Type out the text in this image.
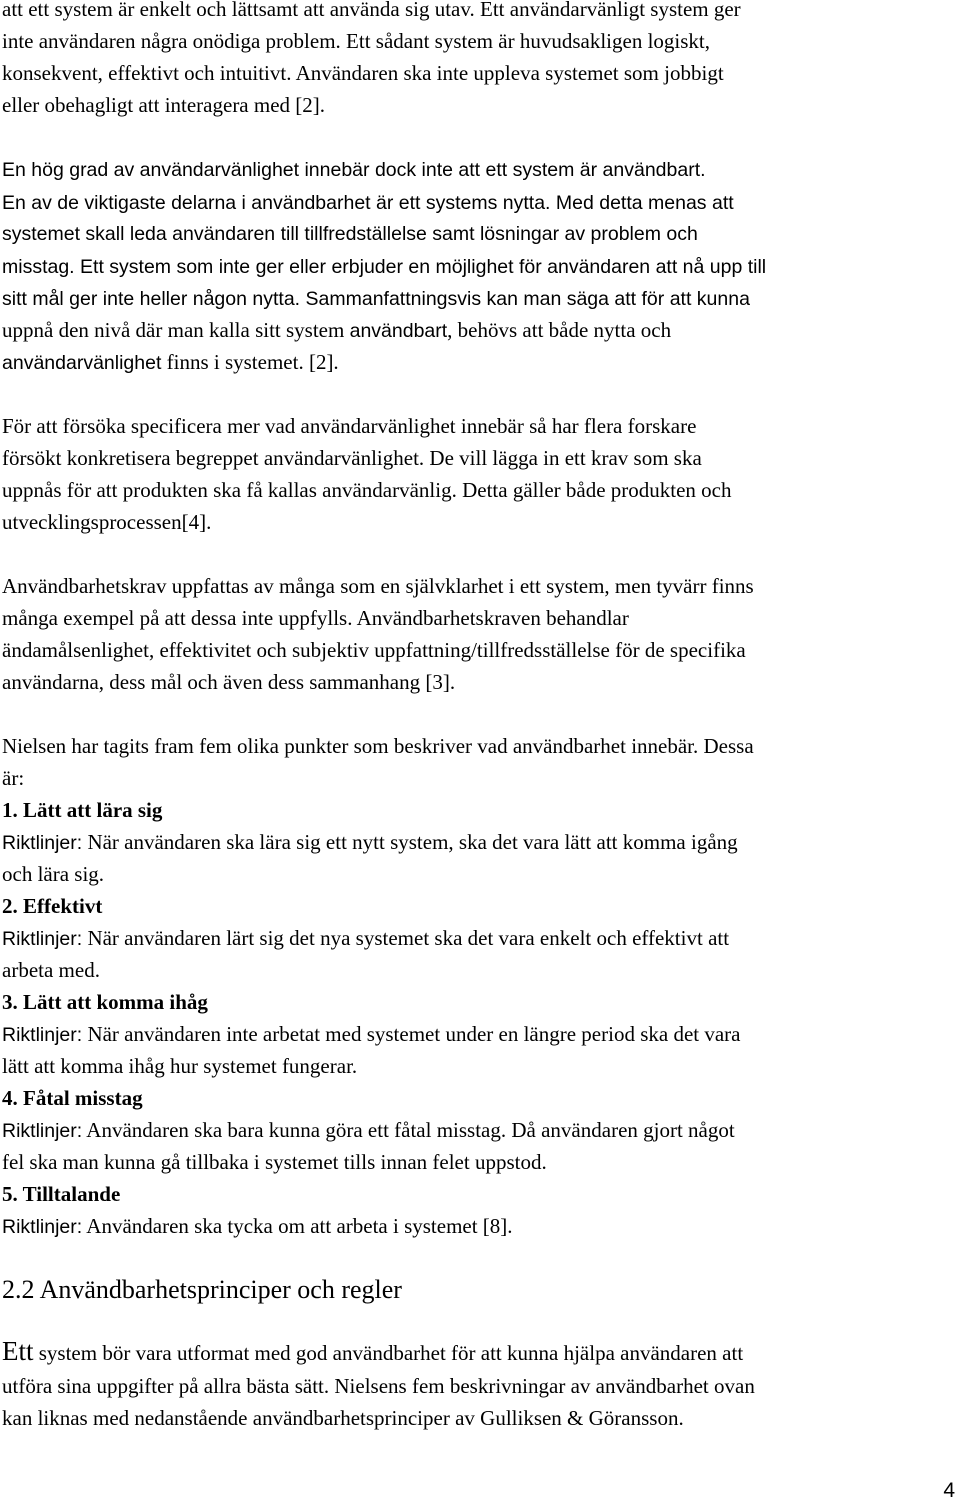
att ett system är enkelt och lättsamt att använda sig utav. Ett användarvänligt system ger
inte användaren några onödiga problem. Ett sådant system är huvudsakligen logiskt,
konsekvent, effektivt och intuitivt. Användaren ska inte uppleva systemet som jobbigt
eller obehagligt att interagera med [2].
En hög grad av användarvänlighet innebär dock inte att ett system är användbart.
En av de viktigaste delarna i användbarhet är ett systems nytta. Med detta menas att
systemet skall leda användaren till tillfredställelse samt lösningar av problem och
misstag. Ett system som inte ger eller erbjuder en möjlighet för användaren att nå upp till
sitt mål ger inte heller någon nytta. Sammanfattningsvis kan man säga att för att kunna
uppnå den nivå där man kalla sitt system användbart, behövs att både nytta och
användarvänlighet finns i systemet. [2].
För att försöka specificera mer vad användarvänlighet innebär så har flera forskare
försökt konkretisera begreppet användarvänlighet. De vill lägga in ett krav som ska
uppnås för att produkten ska få kallas användarvänlig. Detta gäller både produkten och
utvecklingsprocessen[4].
Användbarhetskrav uppfattas av många som en självklarhet i ett system, men tyvärr finns
många exempel på att dessa inte uppfylls. Användbarhetskraven behandlar
ändamålsenlighet, effektivitet och subjektiv uppfattning/tillfredsställelse för de specifika
användarna, dess mål och även dess sammanhang [3].
Nielsen har tagits fram fem olika punkter som beskriver vad användbarhet innebär. Dessa
är:
1. Lätt att lära sig
Riktlinjer: När användaren ska lära sig ett nytt system, ska det vara lätt att komma igång
och lära sig.
2. Effektivt
Riktlinjer: När användaren lärt sig det nya systemet ska det vara enkelt och effektivt att
arbeta med.
3. Lätt att komma ihåg
Riktlinjer: När användaren inte arbetat med systemet under en längre period ska det vara
lätt att komma ihåg hur systemet fungerar.
4. Fåtal misstag
Riktlinjer: Användaren ska bara kunna göra ett fåtal misstag. Då användaren gjort något
fel ska man kunna gå tillbaka i systemet tills innan felet uppstod.
5. Tilltalande
Riktlinjer: Användaren ska tycka om att arbeta i systemet [8].
2.2 Användbarhetsprinciper och regler
Ett system bör vara utformat med god användbarhet för att kunna hjälpa användaren att
utföra sina uppgifter på allra bästa sätt. Nielsens fem beskrivningar av användbarhet ovan
kan liknas med nedanstående användbarhetsprinciper av Gulliksen & Göransson.
4
